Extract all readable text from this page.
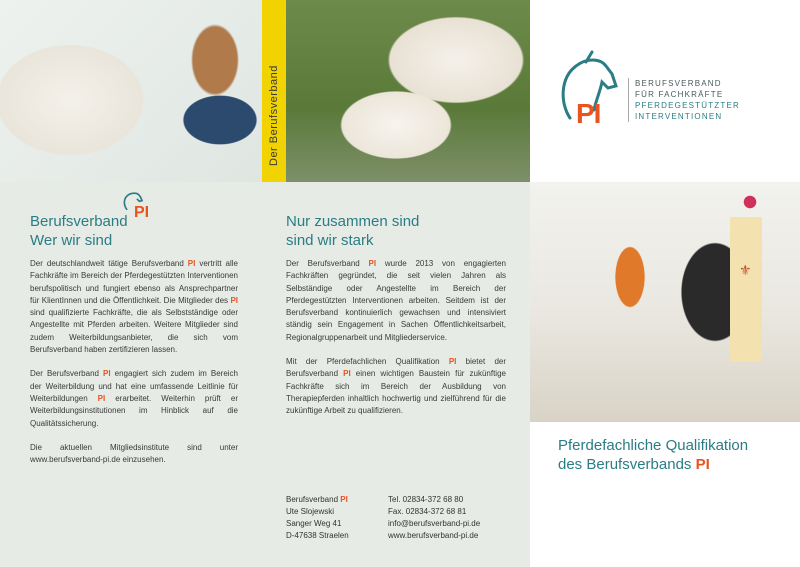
Der Berufsverband
⚜
PI
BERUFSVERBAND
FÜR FACHKRÄFTE
PFERDEGESTÜTZTER
INTERVENTIONEN
Berufsverband
Wer wir sind
PI

Der deutschlandweit tätige Berufsverband PI vertritt alle Fachkräfte im Bereich der Pferdegestützten Interventionen berufspolitisch und fungiert ebenso als Ansprechpartner für KlientInnen und die Öffentlichkeit. Die Mitglieder des PI sind qualifizierte Fachkräfte, die als Selbstständige oder Angestellte mit Pferden arbeiten. Weitere Mitglieder sind zudem Weiterbildungsanbieter, die sich vom Berufsverband haben zertifizieren lassen.

Der Berufsverband PI engagiert sich zudem im Bereich der Weiterbildung und hat eine umfassende Leitlinie für Weiterbildungen PI erarbeitet. Weiterhin prüft er Weiterbildungsinstitutionen im Hinblick auf die Qualitätssicherung.

Die aktuellen Mitgliedsinstitute sind unter www.berufsverband-pi.de einzusehen.

Nur zusammen sind
sind wir stark

Der Berufsverband PI wurde 2013 von engagierten Fachkräften gegründet, die seit vielen Jahren als Selbständige oder Angestellte im Bereich der Pferdegestützten Interventionen arbeiten. Seitdem ist der Berufsverband kontinuierlich gewachsen und intensiviert ständig sein Engagement in Sachen Öffentlichkeitsarbeit, Regionalgruppenarbeit und Mitgliederservice.

Mit der Pferdefachlichen Qualifikation PI bietet der Berufsverband PI einen wichtigen Baustein für zukünftige Fachkräfte sich im Bereich der Ausbildung von Therapiepferden inhaltlich hochwertig und zielführend für die zukünftige Arbeit zu qualifizieren.

Berufsverband PI
Ute Slojewski
Sanger Weg 41
D-47638 Straelen
Tel. 02834-372 68 80
Fax. 02834-372 68 81
info@berufsverband-pi.de
www.berufsverband-pi.de
Pferdefachliche Qualifikation
des Berufsverbands PI
